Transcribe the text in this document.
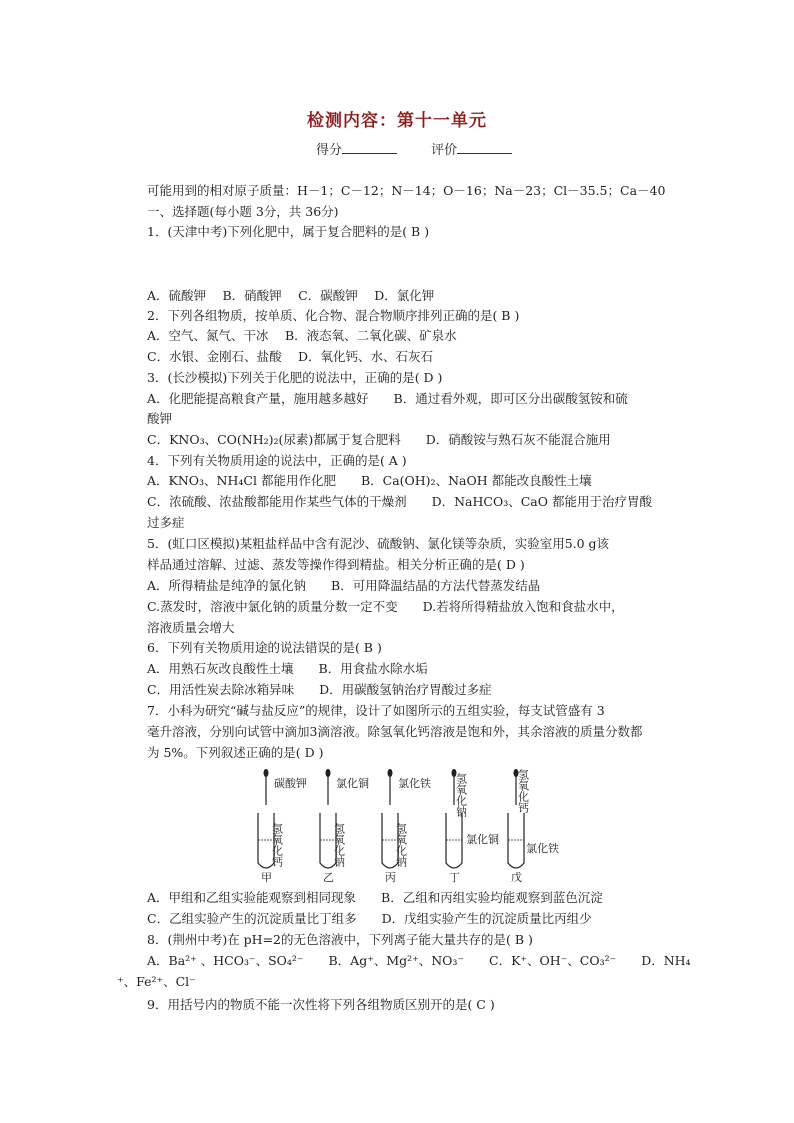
检测内容：第十一单元
得分	评价
可能用到的相对原子质量：H－1；C－12；N－14；O－16；Na－23；Cl－35.5；Ca－40
一、选择题(每小题 3分，共 36分)
1．(天津中考)下列化肥中，属于复合肥料的是( B )
A．硫酸钾　 B．硝酸钾　 C．碳酸钾　 D．氯化钾
2．下列各组物质，按单质、化合物、混合物顺序排列正确的是( B )
A．空气、氮气、干冰　 B．液态氧、二氧化碳、矿泉水
C．水银、金刚石、盐酸　 D．氧化钙、水、石灰石
3．(长沙模拟)下列关于化肥的说法中，正确的是( D )
A．化肥能提高粮食产量，施用越多越好　　B．通过看外观，即可区分出碳酸氢铵和硫
酸钾
C．KNO₃、CO(NH₂)₂(尿素)都属于复合肥料　　D．硝酸铵与熟石灰不能混合施用
4．下列有关物质用途的说法中，正确的是( A )
A．KNO₃、NH₄Cl 都能用作化肥　　B．Ca(OH)₂、NaOH 都能改良酸性土壤
C．浓硫酸、浓盐酸都能用作某些气体的干燥剂　　D．NaHCO₃、CaO 都能用于治疗胃酸
过多症
5．(虹口区模拟)某粗盐样品中含有泥沙、硫酸钠、氯化镁等杂质，实验室用5.0 g该
样品通过溶解、过滤、蒸发等操作得到精盐。相关分析正确的是( D )
A．所得精盐是纯净的氯化钠　　B．可用降温结晶的方法代替蒸发结晶
C.蒸发时，溶液中氯化钠的质量分数一定不变　　D.若将所得精盐放入饱和食盐水中，
溶液质量会增大
6．下列有关物质用途的说法错误的是( B )
A．用熟石灰改良酸性土壤　　B．用食盐水除水垢
C．用活性炭去除冰箱异味　　D．用碳酸氢钠治疗胃酸过多症
7．小科为研究“碱与盐反应”的规律，设计了如图所示的五组实验，每支试管盛有 3
毫升溶液，分别向试管中滴加3滴溶液。除氢氧化钙溶液是饱和外，其余溶液的质量分数都
为 5%。下列叙述正确的是( D )
碳酸钾
氢氧化钙
甲
氯化铜
氢氧化钠
乙
氯化铁
氢氧化钠
丙
氢氧化钠
氯化铜
丁
氢氧化钙
氯化铁
戊
A．甲组和乙组实验能观察到相同现象　　B．乙组和丙组实验均能观察到蓝色沉淀
C．乙组实验产生的沉淀质量比丁组多　　D．戊组实验产生的沉淀质量比丙组少
8．(荆州中考)在 pH=2的无色溶液中，下列离子能大量共存的是( B )
A．Ba²⁺ 、HCO₃⁻、SO₄²⁻　　B．Ag⁺、Mg²⁺、NO₃⁻　　C．K⁺、OH⁻、CO₃²⁻　　D．NH₄
⁺、Fe²⁺、Cl⁻
9．用括号内的物质不能一次性将下列各组物质区别开的是( C )
